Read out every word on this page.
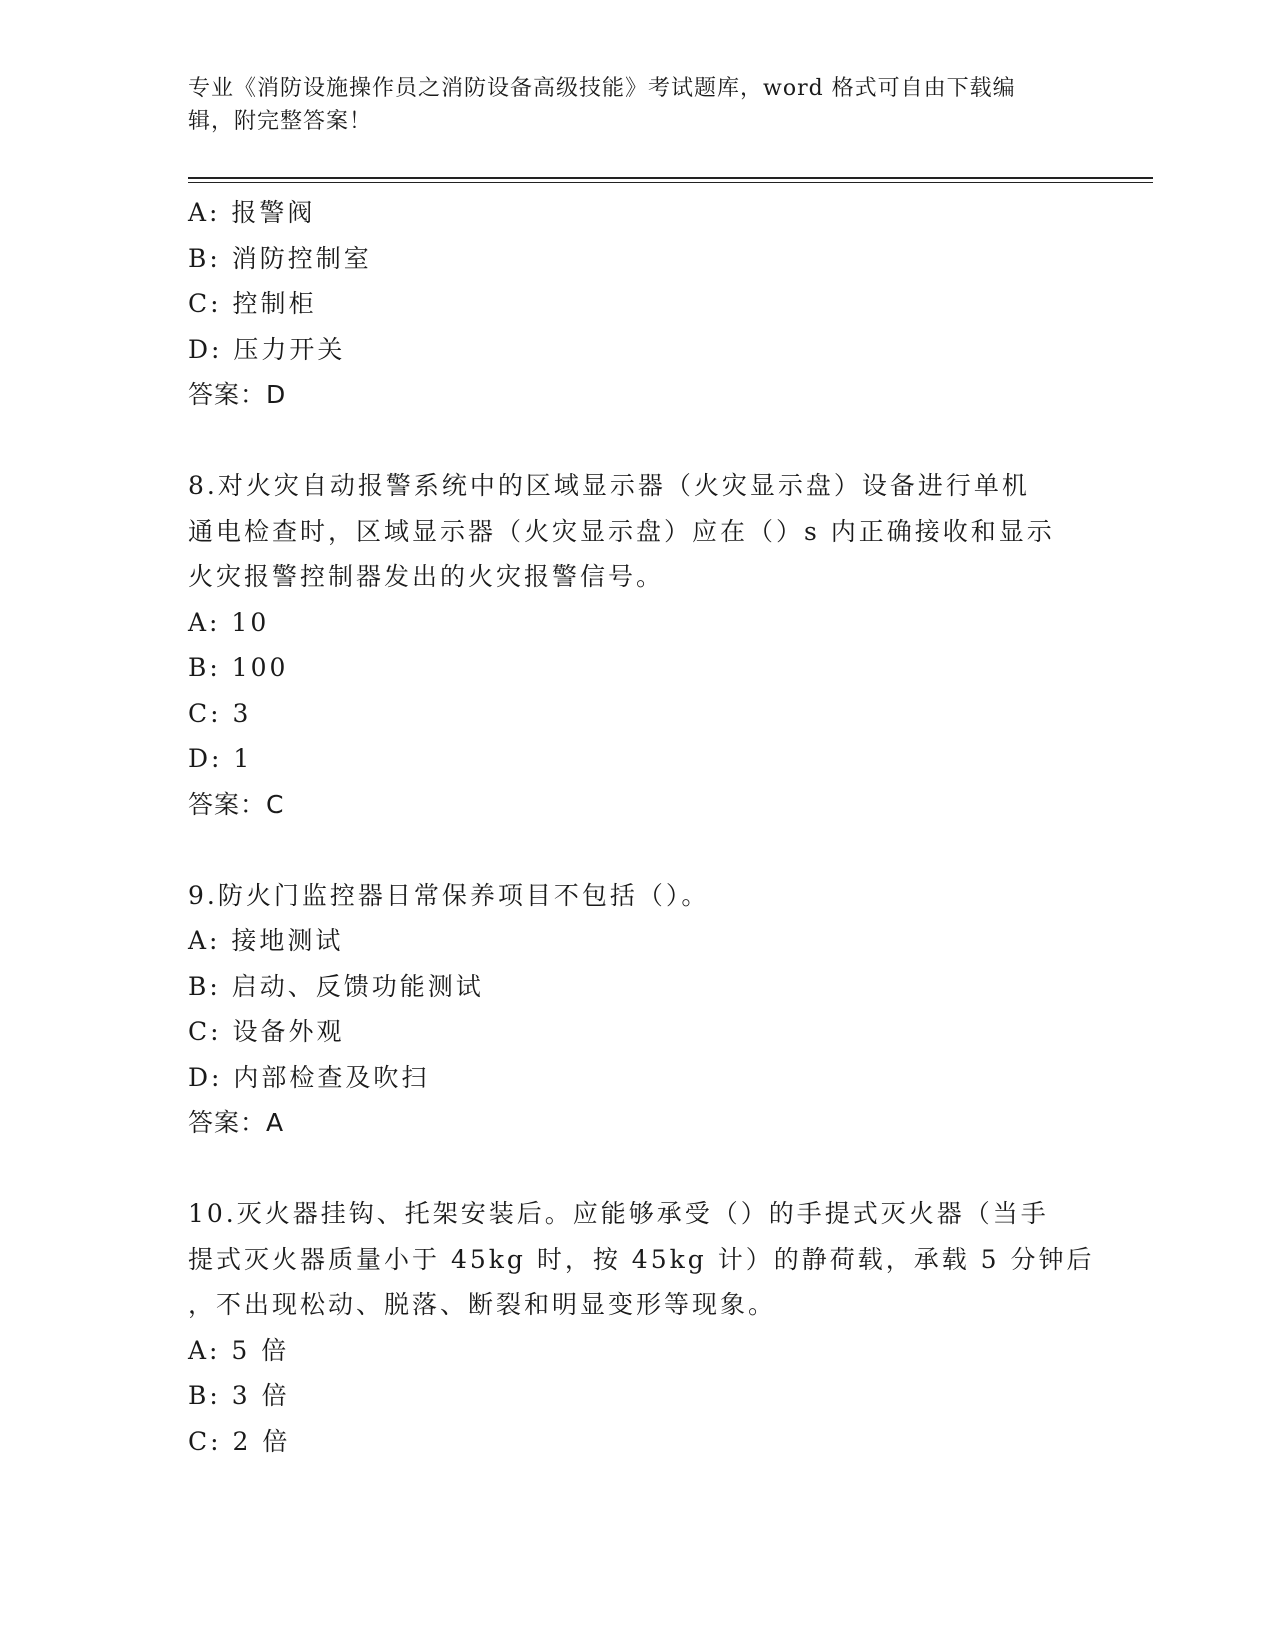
专业《消防设施操作员之消防设备高级技能》考试题库，word 格式可自由下载编
辑，附完整答案！
A: 报警阀
B: 消防控制室
C: 控制柜
D: 压力开关
答案：D
8.对火灾自动报警系统中的区域显示器（火灾显示盘）设备进行单机
通电检查时，区域显示器（火灾显示盘）应在（）s 内正确接收和显示
火灾报警控制器发出的火灾报警信号。
A: 10
B: 100
C: 3
D: 1
答案：C
9.防火门监控器日常保养项目不包括（）。
A: 接地测试
B: 启动、反馈功能测试
C: 设备外观
D: 内部检查及吹扫
答案：A
10.灭火器挂钩、托架安装后。应能够承受（）的手提式灭火器（当手
提式灭火器质量小于 45kg 时，按 45kg 计）的静荷载，承载 5 分钟后
，不出现松动、脱落、断裂和明显变形等现象。
A: 5 倍
B: 3 倍
C: 2 倍
